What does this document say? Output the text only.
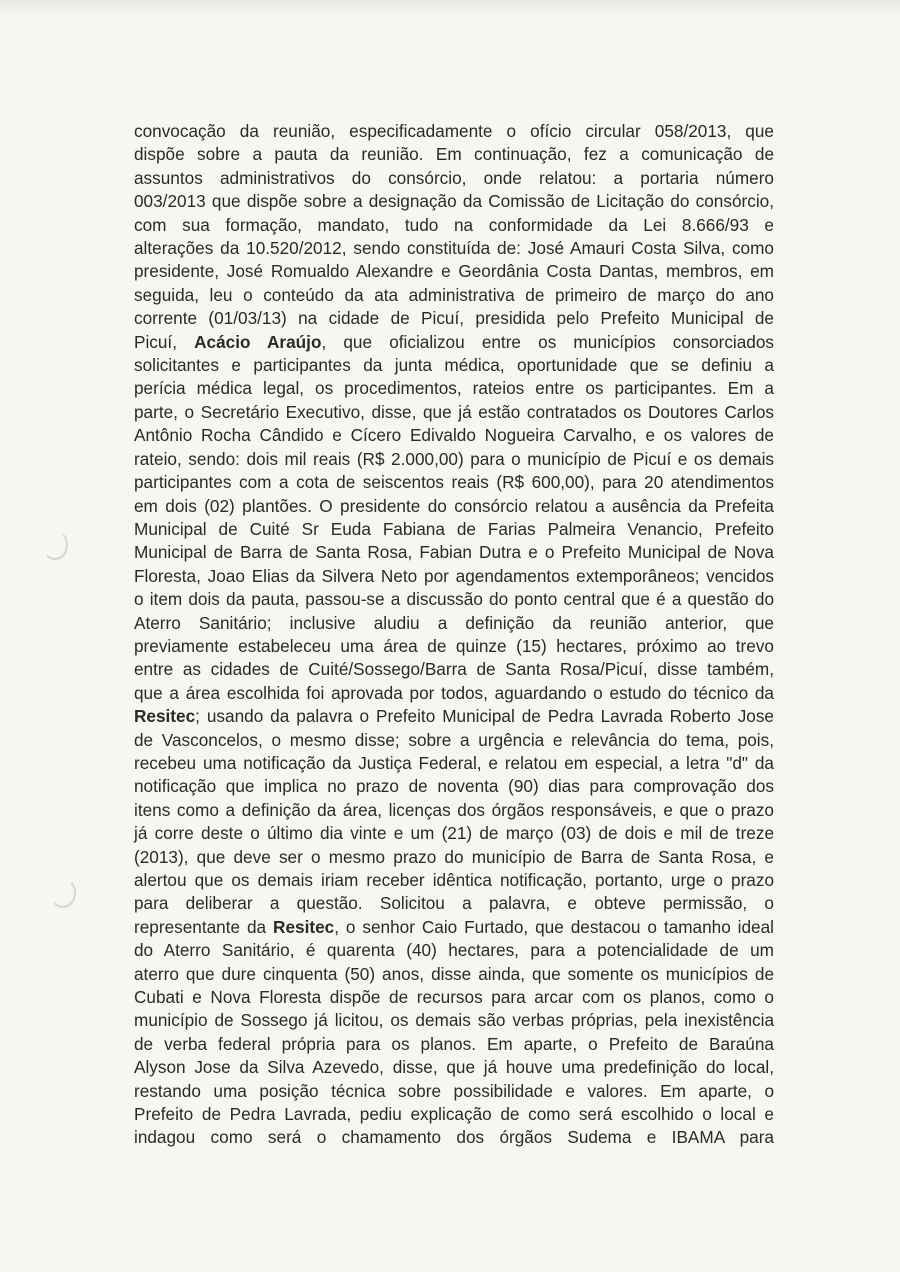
convocação da reunião, especificadamente o ofício circular 058/2013, que
dispõe sobre a pauta da reunião. Em continuação, fez a comunicação de
assuntos administrativos do consórcio, onde relatou: a portaria número
003/2013 que dispõe sobre a designação da Comissão de Licitação do consórcio,
com sua formação, mandato, tudo na conformidade da Lei 8.666/93 e
alterações da 10.520/2012, sendo constituída de: José Amauri Costa Silva, como
presidente, José Romualdo Alexandre e Geordânia Costa Dantas, membros, em
seguida, leu o conteúdo da ata administrativa de primeiro de março do ano
corrente (01/03/13) na cidade de Picuí, presidida pelo Prefeito Municipal de
Picuí, Acácio Araújo, que oficializou entre os municípios consorciados
solicitantes e participantes da junta médica, oportunidade que se definiu a
perícia médica legal, os procedimentos, rateios entre os participantes. Em a
parte, o Secretário Executivo, disse, que já estão contratados os Doutores Carlos
Antônio Rocha Cândido e Cícero Edivaldo Nogueira Carvalho, e os valores de
rateio, sendo: dois mil reais (R$ 2.000,00) para o município de Picuí e os demais
participantes com a cota de seiscentos reais (R$ 600,00), para 20 atendimentos
em dois (02) plantões. O presidente do consórcio relatou a ausência da Prefeita
Municipal de Cuité Sr Euda Fabiana de Farias Palmeira Venancio, Prefeito
Municipal de Barra de Santa Rosa, Fabian Dutra e o Prefeito Municipal de Nova
Floresta, Joao Elias da Silvera Neto por agendamentos extemporâneos; vencidos
o item dois da pauta, passou-se a discussão do ponto central que é a questão do
Aterro Sanitário; inclusive aludiu a definição da reunião anterior, que
previamente estabeleceu uma área de quinze (15) hectares, próximo ao trevo
entre as cidades de Cuité/Sossego/Barra de Santa Rosa/Picuí, disse também,
que a área escolhida foi aprovada por todos, aguardando o estudo do técnico da
Resitec; usando da palavra o Prefeito Municipal de Pedra Lavrada Roberto Jose
de Vasconcelos, o mesmo disse; sobre a urgência e relevância do tema, pois,
recebeu uma notificação da Justiça Federal, e relatou em especial, a letra "d" da
notificação que implica no prazo de noventa (90) dias para comprovação dos
itens como a definição da área, licenças dos órgãos responsáveis, e que o prazo
já corre deste o último dia vinte e um (21) de março (03) de dois e mil de treze
(2013), que deve ser o mesmo prazo do município de Barra de Santa Rosa, e
alertou que os demais iriam receber idêntica notificação, portanto, urge o prazo
para deliberar a questão. Solicitou a palavra, e obteve permissão, o
representante da Resitec, o senhor Caio Furtado, que destacou o tamanho ideal
do Aterro Sanitário, é quarenta (40) hectares, para a potencialidade de um
aterro que dure cinquenta (50) anos, disse ainda, que somente os municípios de
Cubati e Nova Floresta dispõe de recursos para arcar com os planos, como o
município de Sossego já licitou, os demais são verbas próprias, pela inexistência
de verba federal própria para os planos. Em aparte, o Prefeito de Baraúna
Alyson Jose da Silva Azevedo, disse, que já houve uma predefinição do local,
restando uma posição técnica sobre possibilidade e valores. Em aparte, o
Prefeito de Pedra Lavrada, pediu explicação de como será escolhido o local e
indagou como será o chamamento dos órgãos Sudema e IBAMA para
